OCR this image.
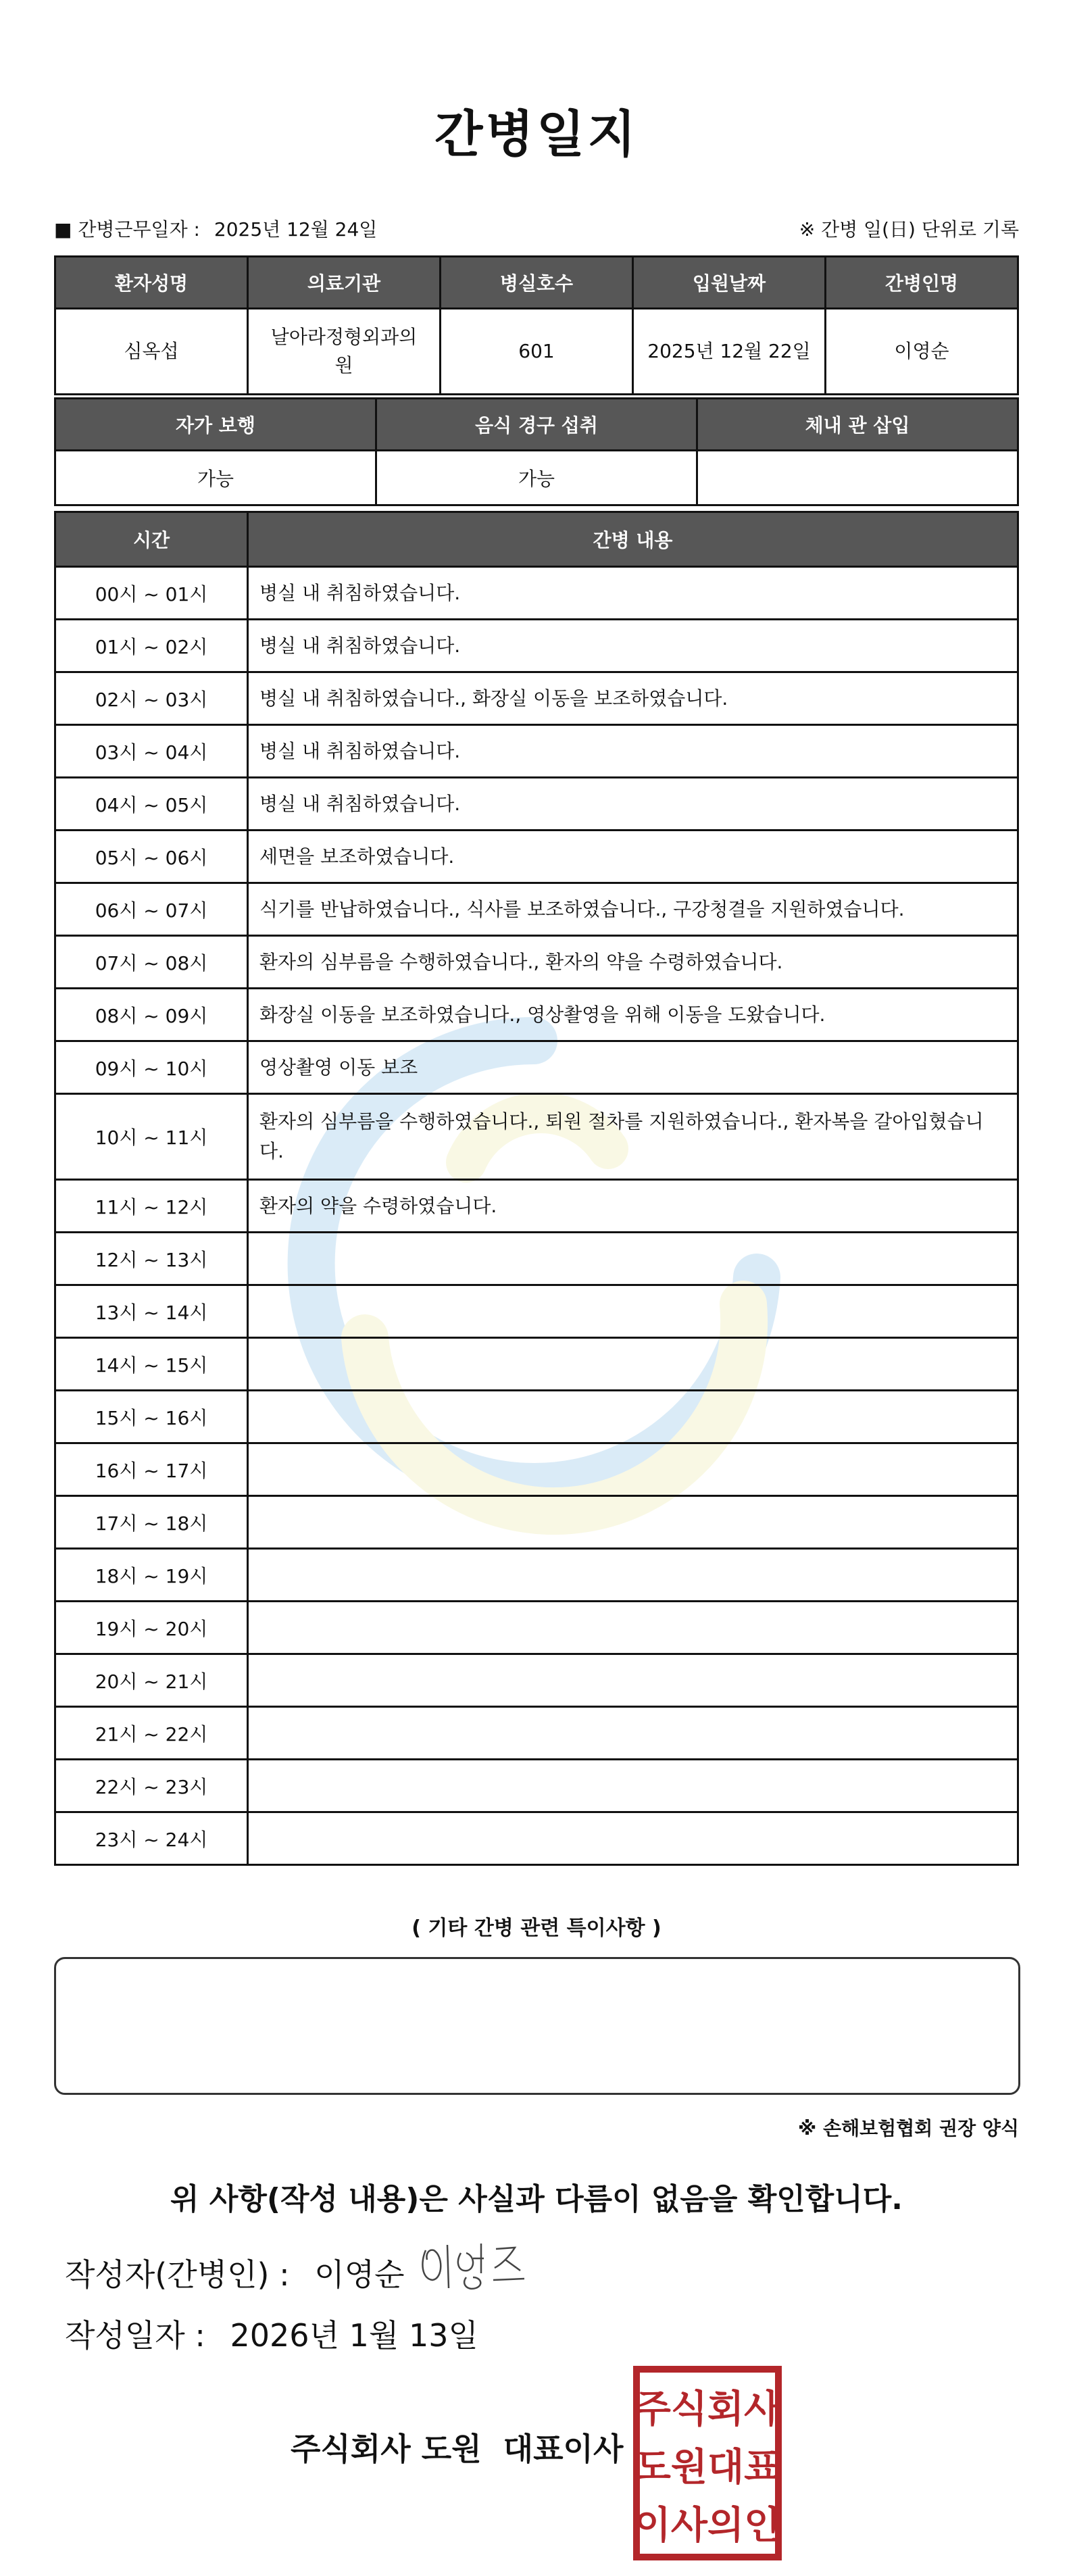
간병일지
■ 간병근무일자 : 2025년 12월 24일	※ 간병 일(日) 단위로 기록
환자성명	의료기관	병실호수	입원날짜	간병인명
심옥섭	날아라정형외과의원	601	2025년 12월 22일	이영순
자가 보행	음식 경구 섭취	체내 관 삽입
가능	가능	
시간	간병 내용
00시 ~ 01시	병실 내 취침하였습니다.
01시 ~ 02시	병실 내 취침하였습니다.
02시 ~ 03시	병실 내 취침하였습니다., 화장실 이동을 보조하였습니다.
03시 ~ 04시	병실 내 취침하였습니다.
04시 ~ 05시	병실 내 취침하였습니다.
05시 ~ 06시	세면을 보조하였습니다.
06시 ~ 07시	식기를 반납하였습니다., 식사를 보조하였습니다., 구강청결을 지원하였습니다.
07시 ~ 08시	환자의 심부름을 수행하였습니다., 환자의 약을 수령하였습니다.
08시 ~ 09시	화장실 이동을 보조하였습니다., 영상촬영을 위해 이동을 도왔습니다.
09시 ~ 10시	영상촬영 이동 보조
10시 ~ 11시	환자의 심부름을 수행하였습니다., 퇴원 절차를 지원하였습니다., 환자복을 갈아입혔습니다.
11시 ~ 12시	환자의 약을 수령하였습니다.
12시 ~ 13시	
13시 ~ 14시	
14시 ~ 15시	
15시 ~ 16시	
16시 ~ 17시	
17시 ~ 18시	
18시 ~ 19시	
19시 ~ 20시	
20시 ~ 21시	
21시 ~ 22시	
22시 ~ 23시	
23시 ~ 24시	
( 기타 간병 관련 특이사항 )
※ 손해보험협회 권장 양식
위 사항(작성 내용)은 사실과 다름이 없음을 확인합니다.
작성자(간병인) : 이영순
작성일자 : 2026년 1월 13일
주식회사 도원  대표이사
주식회사
도원대표
이사의인
